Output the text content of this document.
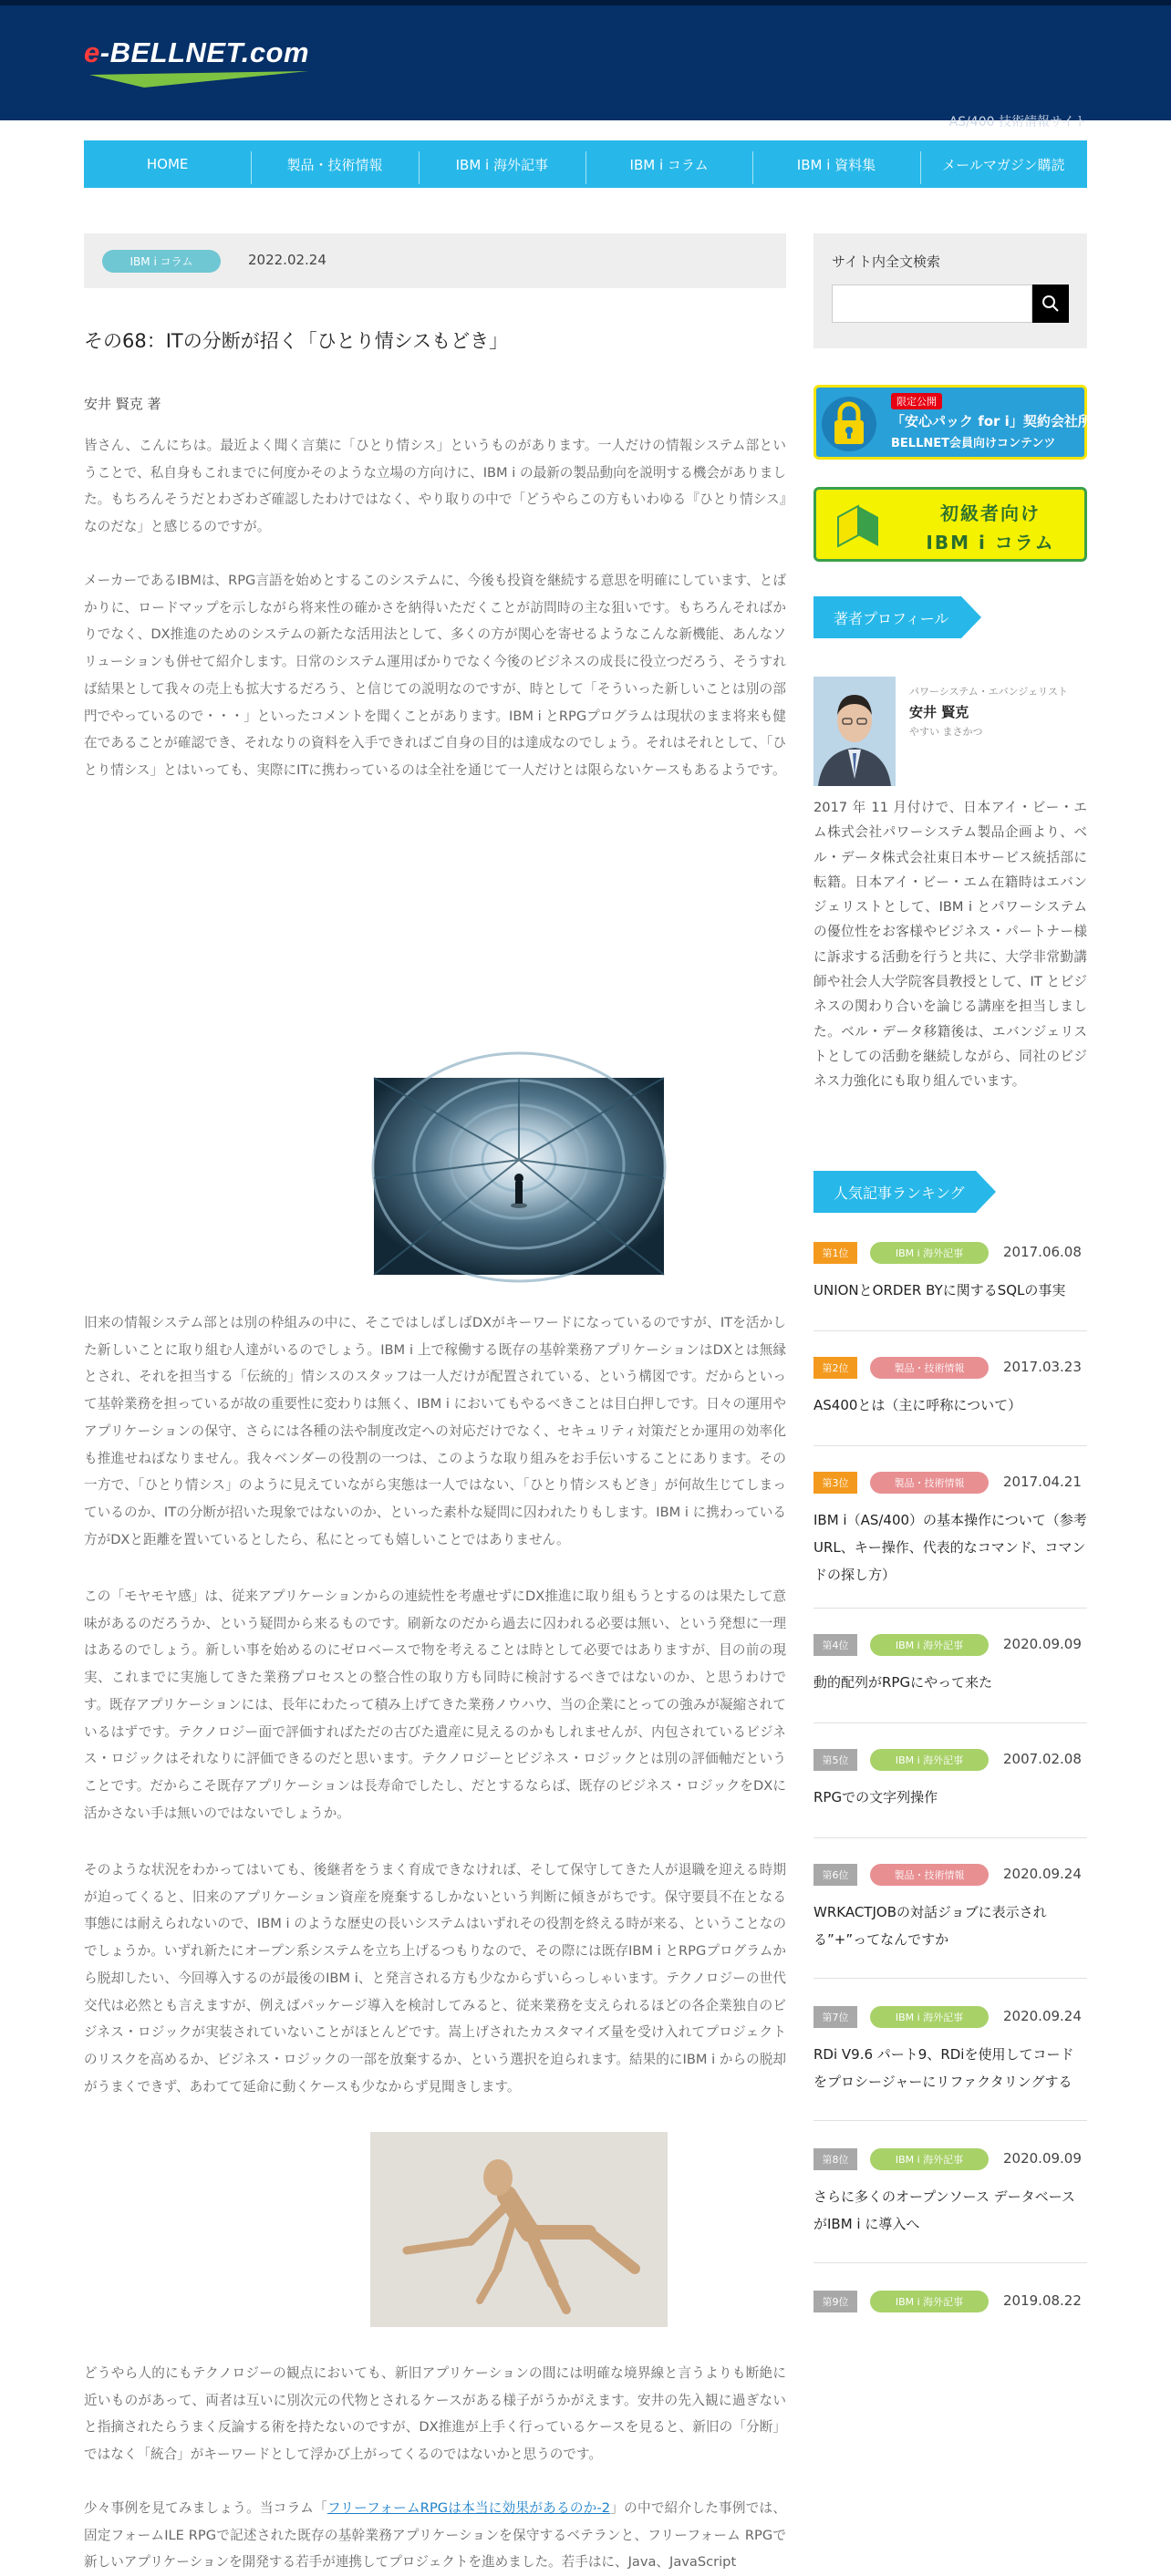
e-BELLNET.com
AS/400 技術情報サイト
HOME	製品・技術情報	IBM i 海外記事	IBM i コラム	IBM i 資料集	メールマガジン購読
IBM i コラム	2022.02.24
その68：ITの分断が招く「ひとり情シスもどき」
安井 賢克 著

皆さん、こんにちは。最近よく聞く言葉に「ひとり情シス」というものがあります。一人だけの情報システム部ということで、私自身もこれまでに何度かそのような立場の方向けに、IBM i の最新の製品動向を説明する機会がありました。もちろんそうだとわざわざ確認したわけではなく、やり取りの中で「どうやらこの方もいわゆる『ひとり情シス』なのだな」と感じるのですが。

メーカーであるIBMは、RPG言語を始めとするこのシステムに、今後も投資を継続する意思を明確にしています、とばかりに、ロードマップを示しながら将来性の確かさを納得いただくことが訪問時の主な狙いです。もちろんそればかりでなく、DX推進のためのシステムの新たな活用法として、多くの方が関心を寄せるようなこんな新機能、あんなソリューションも併せて紹介します。日常のシステム運用ばかりでなく今後のビジネスの成長に役立つだろう、そうすれば結果として我々の売上も拡大するだろう、と信じての説明なのですが、時として「そういった新しいことは別の部門でやっているので・・・」といったコメントを聞くことがあります。IBM i とRPGプログラムは現状のまま将来も健在であることが確認でき、それなりの資料を入手できればご自身の目的は達成なのでしょう。それはそれとして、「ひとり情シス」とはいっても、実際にITに携わっているのは全社を通じて一人だけとは限らないケースもあるようです。

旧来の情報システム部とは別の枠組みの中に、そこではしばしばDXがキーワードになっているのですが、ITを活かした新しいことに取り組む人達がいるのでしょう。IBM i 上で稼働する既存の基幹業務アプリケーションはDXとは無縁とされ、それを担当する「伝統的」情シスのスタッフは一人だけが配置されている、という構図です。だからといって基幹業務を担っているが故の重要性に変わりは無く、IBM i においてもやるべきことは目白押しです。日々の運用やアプリケーションの保守、さらには各種の法や制度改定への対応だけでなく、セキュリティ対策だとか運用の効率化も推進せねばなりません。我々ベンダーの役割の一つは、このような取り組みをお手伝いすることにあります。その一方で、「ひとり情シス」のように見えていながら実態は一人ではない、「ひとり情シスもどき」が何故生じてしまっているのか、ITの分断が招いた現象ではないのか、といった素朴な疑問に囚われたりもします。IBM i に携わっている方がDXと距離を置いているとしたら、私にとっても嬉しいことではありません。

この「モヤモヤ感」は、従来アプリケーションからの連続性を考慮せずにDX推進に取り組もうとするのは果たして意味があるのだろうか、という疑問から来るものです。刷新なのだから過去に囚われる必要は無い、という発想に一理はあるのでしょう。新しい事を始めるのにゼロベースで物を考えることは時として必要ではありますが、目の前の現実、これまでに実施してきた業務プロセスとの整合性の取り方も同時に検討するべきではないのか、と思うわけです。既存アプリケーションには、長年にわたって積み上げてきた業務ノウハウ、当の企業にとっての強みが凝縮されているはずです。テクノロジー面で評価すればただの古びた遺産に見えるのかもしれませんが、内包されているビジネス・ロジックはそれなりに評価できるのだと思います。テクノロジーとビジネス・ロジックとは別の評価軸だということです。だからこそ既存アプリケーションは長寿命でしたし、だとするならば、既存のビジネス・ロジックをDXに活かさない手は無いのではないでしょうか。

そのような状況をわかってはいても、後継者をうまく育成できなければ、そして保守してきた人が退職を迎える時期が迫ってくると、旧来のアプリケーション資産を廃棄するしかないという判断に傾きがちです。保守要員不在となる事態には耐えられないので、IBM i のような歴史の長いシステムはいずれその役割を終える時が来る、ということなのでしょうか。いずれ新たにオープン系システムを立ち上げるつもりなので、その際には既存IBM i とRPGプログラムから脱却したい、今回導入するのが最後のIBM i、と発言される方も少なからずいらっしゃいます。テクノロジーの世代交代は必然とも言えますが、例えばパッケージ導入を検討してみると、従来業務を支えられるほどの各企業独自のビジネス・ロジックが実装されていないことがほとんどです。嵩上げされたカスタマイズ量を受け入れてプロジェクトのリスクを高めるか、ビジネス・ロジックの一部を放棄するか、という選択を迫られます。結果的にIBM i からの脱却がうまくできず、あわてて延命に動くケースも少なからず見聞きします。

どうやら人的にもテクノロジーの観点においても、新旧アプリケーションの間には明確な境界線と言うよりも断絶に近いものがあって、両者は互いに別次元の代物とされるケースがある様子がうかがえます。安井の先入観に過ぎないと指摘されたらうまく反論する術を持たないのですが、DX推進が上手く行っているケースを見ると、新旧の「分断」ではなく「統合」がキーワードとして浮かび上がってくるのではないかと思うのです。

少々事例を見てみましょう。当コラム「フリーフォームRPGは本当に効果があるのか-2」の中で紹介した事例では、固定フォームILE RPGで記述された既存の基幹業務アプリケーションを保守するベテランと、フリーフォーム RPGで新しいアプリケーションを開発する若手が連携してプロジェクトを進めました。若手はに、Java、JavaScript

サイト内全文検索
限定公開
「安心パック for i」契約会社所属
BELLNET会員向けコンテンツ
初級者向け
IBM i コラム
著者プロフィール
パワーシステム・エバンジェリスト
安井 賢克
やすい まさかつ
2017 年 11 月付けで、日本アイ・ビー・エム株式会社パワーシステム製品企画より、ベル・データ株式会社東日本サービス統括部に転籍。日本アイ・ビー・エム在籍時はエバンジェリストとして、IBM i とパワーシステムの優位性をお客様やビジネス・パートナー様に訴求する活動を行うと共に、大学非常勤講師や社会人大学院客員教授として、IT とビジネスの関わり合いを論じる講座を担当しました。ベル・データ移籍後は、エバンジェリストとしての活動を継続しながら、同社のビジネス力強化にも取り組んでいます。
人気記事ランキング
第1位	IBM i 海外記事	2017.06.08
UNIONとORDER BYに関するSQLの事実
第2位	製品・技術情報	2017.03.23
AS400とは（主に呼称について）
第3位	製品・技術情報	2017.04.21
IBM i（AS/400）の基本操作について（参考URL、キー操作、代表的なコマンド、コマンドの探し方）
第4位	IBM i 海外記事	2020.09.09
動的配列がRPGにやって来た
第5位	IBM i 海外記事	2007.02.08
RPGでの文字列操作
第6位	製品・技術情報	2020.09.24
WRKACTJOBの対話ジョブに表示される”+”ってなんですか
第7位	IBM i 海外記事	2020.09.24
RDi V9.6 パート9、RDiを使用してコードをプロシージャーにリファクタリングする
第8位	IBM i 海外記事	2020.09.09
さらに多くのオープンソース データベースがIBM i に導入へ
第9位	IBM i 海外記事	2019.08.22
